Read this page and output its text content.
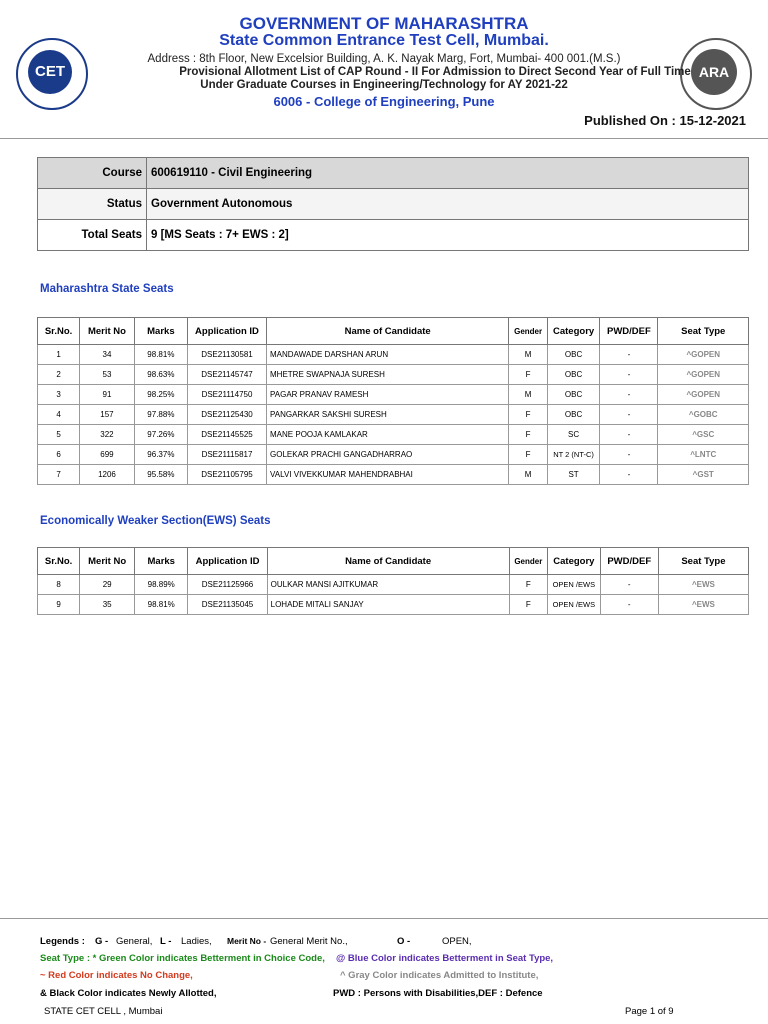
CET	ARA
GOVERNMENT OF MAHARASHTRA
State Common Entrance Test Cell, Mumbai.
Address : 8th Floor, New Excelsior Building, A. K. Nayak Marg, Fort, Mumbai- 400 001.(M.S.)
Provisional Allotment List of CAP Round - II For Admission to Direct Second Year of Full Time
Under Graduate Courses in Engineering/Technology for AY 2021-22
6006 - College of Engineering, Pune
Published On : 15-12-2021
Course	600619110 - Civil Engineering
Status	Government Autonomous
Total Seats	9 [MS Seats : 7+ EWS : 2]
Maharashtra State Seats
Sr.No.	Merit No	Marks	Application ID	Name of Candidate	Gender	Category	PWD/DEF	Seat Type
1	34	98.81%	DSE21130581	MANDAWADE DARSHAN ARUN	M	OBC	-	^GOPEN
2	53	98.63%	DSE21145747	MHETRE SWAPNAJA SURESH	F	OBC	-	^GOPEN
3	91	98.25%	DSE21114750	PAGAR PRANAV RAMESH	M	OBC	-	^GOPEN
4	157	97.88%	DSE21125430	PANGARKAR SAKSHI SURESH	F	OBC	-	^GOBC
5	322	97.26%	DSE21145525	MANE POOJA KAMLAKAR	F	SC	-	^GSC
6	699	96.37%	DSE21115817	GOLEKAR PRACHI GANGADHARRAO	F	NT 2 (NT-C)	-	^LNTC
7	1206	95.58%	DSE21105795	VALVI VIVEKKUMAR MAHENDRABHAI	M	ST	-	^GST
Economically Weaker Section(EWS) Seats
Sr.No.	Merit No	Marks	Application ID	Name of Candidate	Gender	Category	PWD/DEF	Seat Type
8	29	98.89%	DSE21125966	OULKAR MANSI AJITKUMAR	F	OPEN /EWS	-	^EWS
9	35	98.81%	DSE21135045	LOHADE MITALI SANJAY	F	OPEN /EWS	-	^EWS
Legends : G - General, L - Ladies, Merit No - General Merit No.,	O -	OPEN,
Seat Type : * Green Color indicates Betterment in Choice Code, @ Blue Color indicates Betterment in Seat Type,
~ Red Color indicates No Change,	^ Gray Color indicates Admitted to Institute,
& Black Color indicates Newly Allotted,	PWD : Persons with Disabilities,DEF : Defence
STATE CET CELL , Mumbai	Page 1 of 9
